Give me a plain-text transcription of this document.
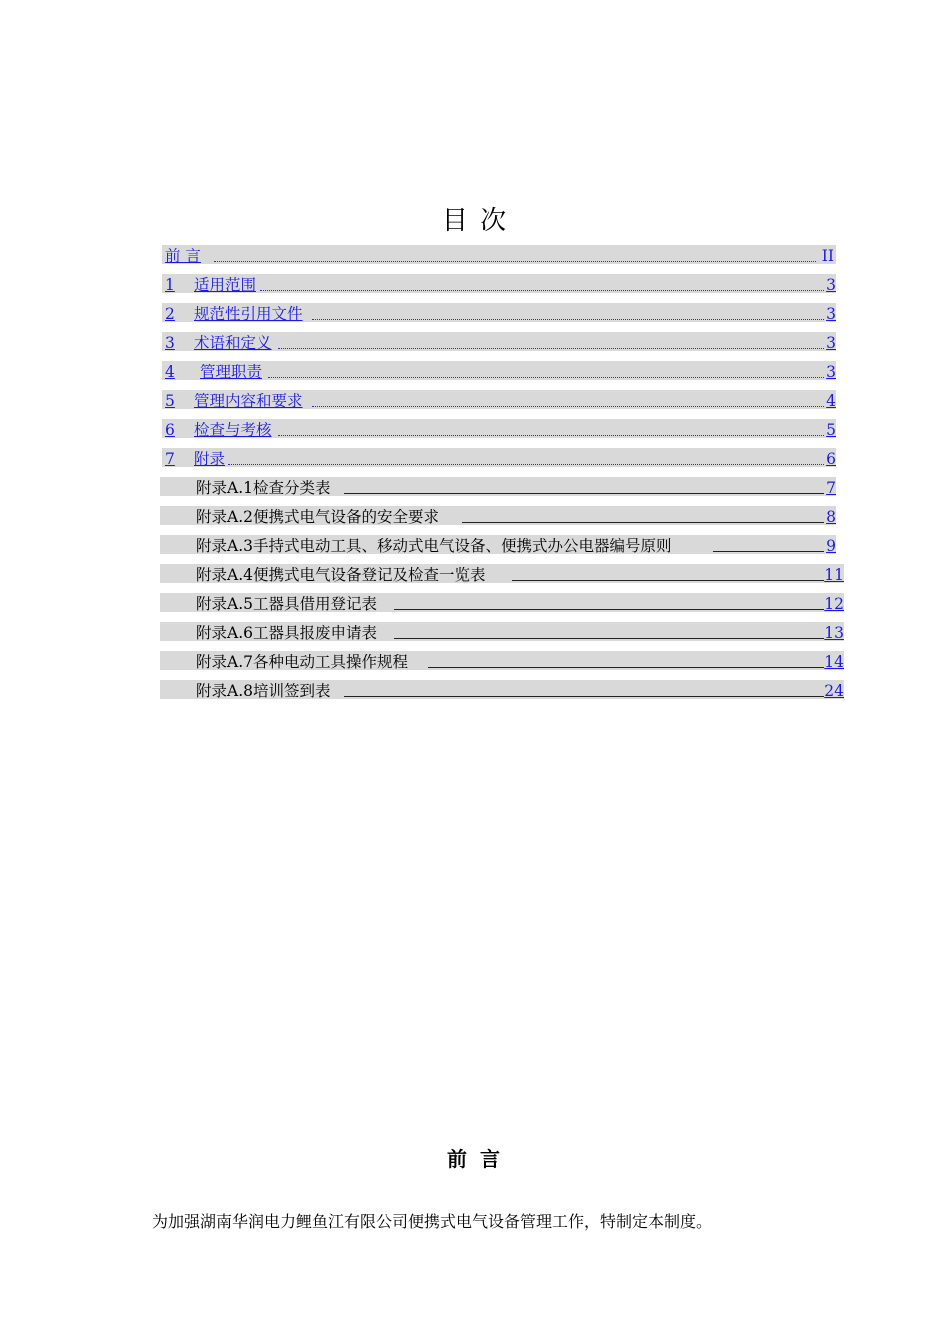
目 次
前 言	II
1 适用范围	3
2 规范性引用文件	3
3 术语和定义	3
4 管理职责	3
5 管理内容和要求	4
6 检查与考核	5
7 附录	6
附录A.1检查分类表	7
附录A.2便携式电气设备的安全要求	8
附录A.3手持式电动工具、移动式电气设备、便携式办公电器编号原则	9
附录A.4便携式电气设备登记及检查一览表	11
附录A.5工器具借用登记表	12
附录A.6工器具报废申请表	13
附录A.7各种电动工具操作规程	14
附录A.8培训签到表	24
前 言
为加强湖南华润电力鲤鱼江有限公司便携式电气设备管理工作，特制定本制度。
